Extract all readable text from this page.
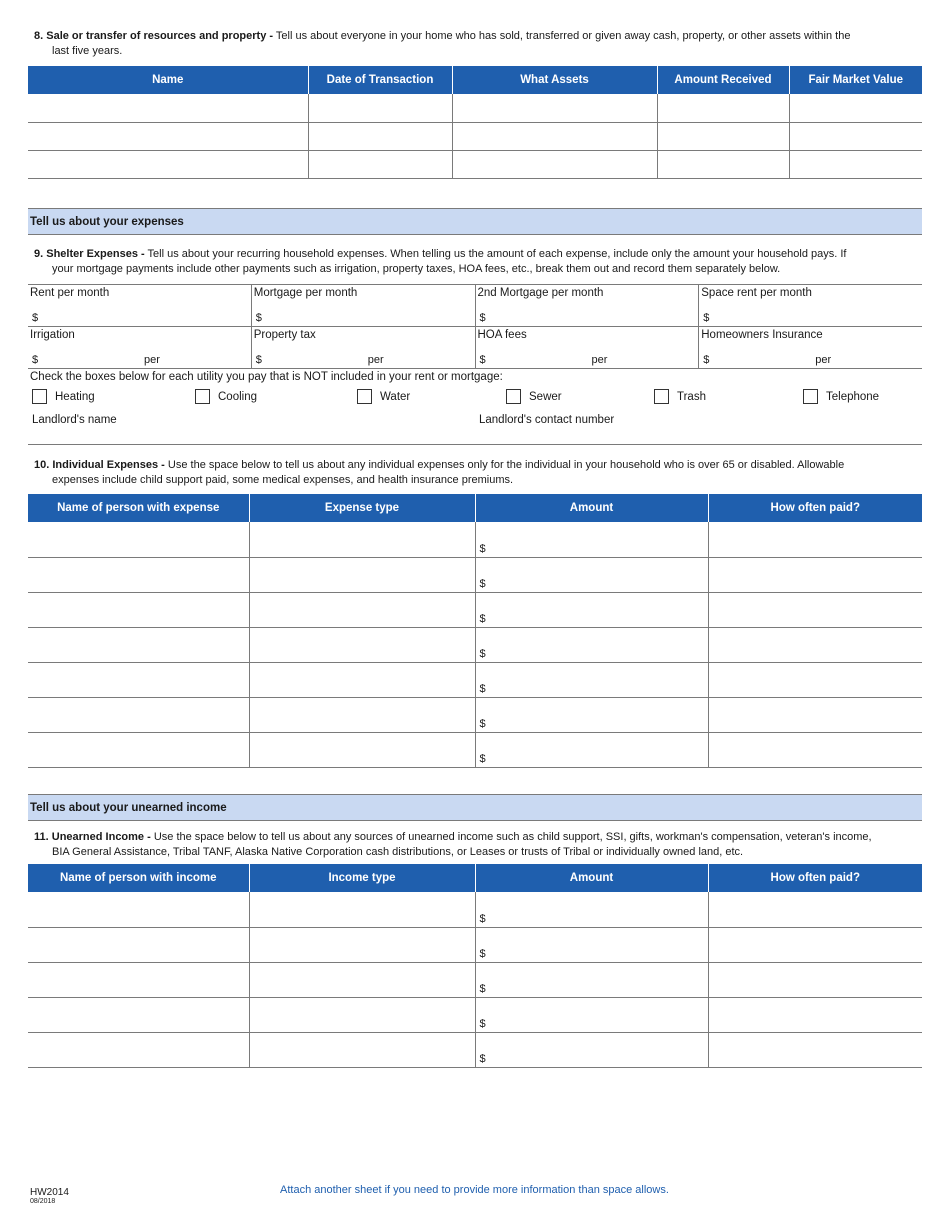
8. Sale or transfer of resources and property - Tell us about everyone in your home who has sold, transferred or given away cash, property, or other assets within the
last five years.
Name	Date of Transaction	What Assets	Amount Received	Fair Market Value

Tell us about your expenses
9. Shelter Expenses - Tell us about your recurring household expenses. When telling us the amount of each expense, include only the amount your household pays. If
your mortgage payments include other payments such as irrigation, property taxes, HOA fees, etc., break them out and record them separately below.
Rent per month
$
Mortgage per month
$
2nd Mortgage per month
$
Space rent per month
$
Irrigation
$	per
Property tax
$	per
HOA fees
$	per
Homeowners Insurance
$	per
Check the boxes below for each utility you pay that is NOT included in your rent or mortgage:
Heating	Cooling	Water	Sewer	Trash	Telephone
Landlord's name	Landlord's contact number
10. Individual Expenses - Use the space below to tell us about any individual expenses only for the individual in your household who is over 65 or disabled. Allowable
expenses include child support paid, some medical expenses, and health insurance premiums.
Name of person with expense	Expense type	Amount	How often paid?
		$	
		$	
		$	
		$	
		$	
		$	
		$	
Tell us about your unearned income
11. Unearned Income - Use the space below to tell us about any sources of unearned income such as child support, SSI, gifts, workman's compensation, veteran's income,
BIA General Assistance, Tribal TANF, Alaska Native Corporation cash distributions, or Leases or trusts of Tribal or individually owned land, etc.
Name of person with income	Income type	Amount	How often paid?
		$	
		$	
		$	
		$	
		$	
HW2014
08/2018
Attach another sheet if you need to provide more information than space allows.
